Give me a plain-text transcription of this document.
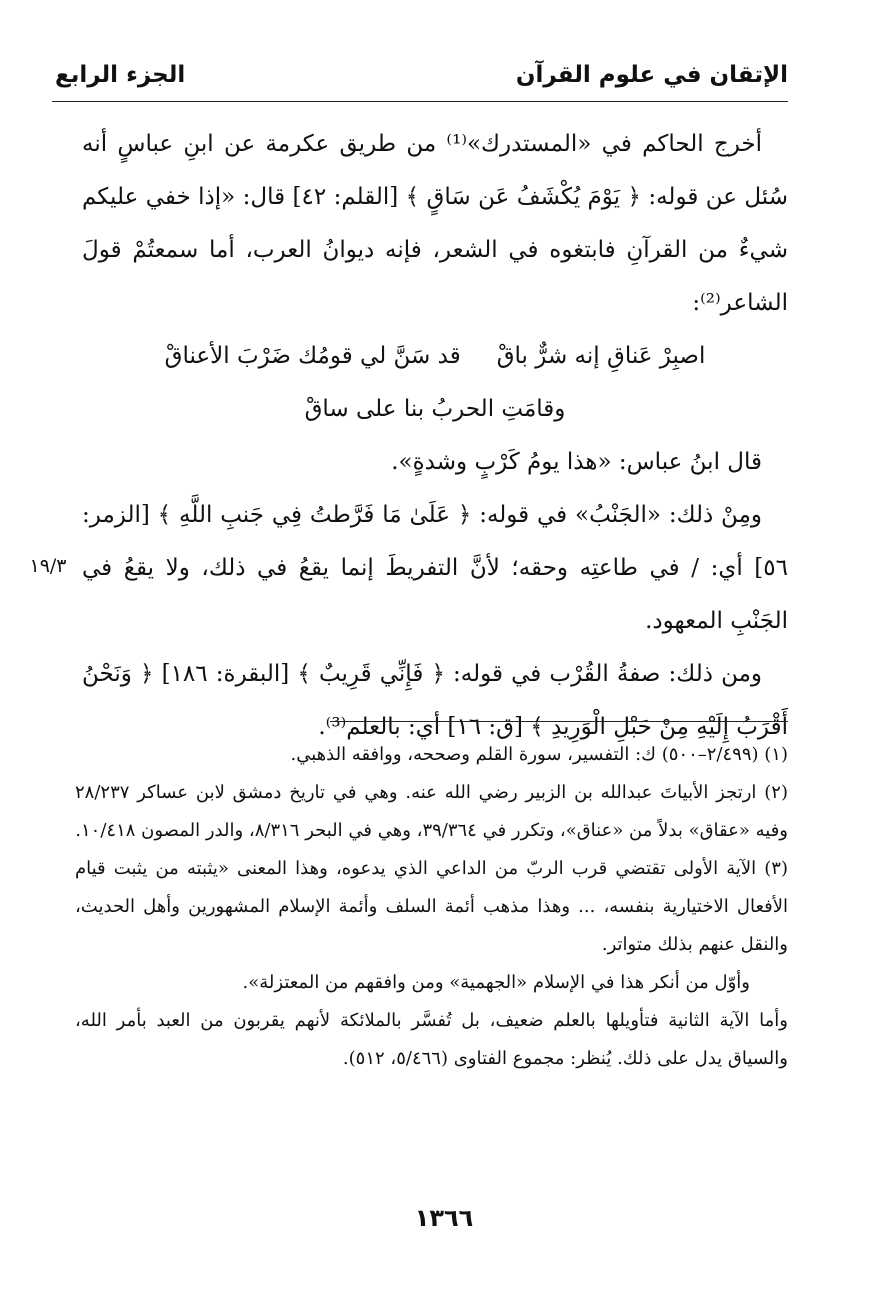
الإتقان في علوم القرآن
الجزء الرابع

أخرج الحاكم في «المستدرك»⁽¹⁾ من طريق عكرمة عن ابنِ عباسٍ أنه سُئل عن قوله: ﴿ يَوْمَ يُكْشَفُ عَن سَاقٍ ﴾ [القلم: ٤٢] قال: «إذا خفي عليكم شيءٌ من القرآنِ فابتغوه في الشعر، فإنه ديوانُ العرب، أما سمعتُمْ قولَ الشاعر⁽²⁾:

اصبِرْ عَناقِ إنه شرٌّ باقْ
قد سَنَّ لي قومُك ضَرْبَ الأعناقْ
وقامَتِ الحربُ بنا على ساقْ

قال ابنُ عباس: «هذا يومُ كَرْبٍ وشدةٍ».

ومِنْ ذلك: «الجَنْبُ» في قوله: ﴿ عَلَىٰ مَا فَرَّطتُ فِي جَنبِ اللَّهِ ﴾ [الزمر: ٥٦] أي: / في طاعتِه وحقه؛ لأنَّ التفريطَ إنما يقعُ في ذلك، ولا يقعُ في الجَنْبِ المعهود.

ومن ذلك: صفةُ القُرْب في قوله: ﴿ فَإِنِّي قَرِيبٌ ﴾ [البقرة: ١٨٦] ﴿ وَنَحْنُ أَقْرَبُ إِلَيْهِ مِنْ حَبْلِ الْوَرِيدِ ﴾ [ق: ١٦] أي: بالعلم⁽³⁾.

١٩/٣

(١) (٢/٤٩٩–٥٠٠) ك: التفسير، سورة القلم وصححه، ووافقه الذهبي.

(٢) ارتجز الأبياتَ عبدالله بن الزبير رضي الله عنه. وهي في تاريخ دمشق لابن عساكر ٢٨/٢٣٧ وفيه «عقاق» بدلاً من «عناق»، وتكرر في ٣٩/٣٦٤، وهي في البحر ٨/٣١٦، والدر المصون ١٠/٤١٨.

(٣) الآية الأولى تقتضي قرب الربّ من الداعي الذي يدعوه، وهذا المعنى «يثبته من يثبت قيام الأفعال الاختيارية بنفسه، ... وهذا مذهب أئمة السلف وأئمة الإسلام المشهورين وأهل الحديث، والنقل عنهم بذلك متواتر.

وأوّل من أنكر هذا في الإسلام «الجهمية» ومن وافقهم من المعتزلة».

وأما الآية الثانية فتأويلها بالعلم ضعيف، بل تُفسَّر بالملائكة لأنهم يقربون من العبد بأمر الله، والسياق يدل على ذلك. يُنظر: مجموع الفتاوى (٥/٤٦٦، ٥١٢).

١٣٦٦
